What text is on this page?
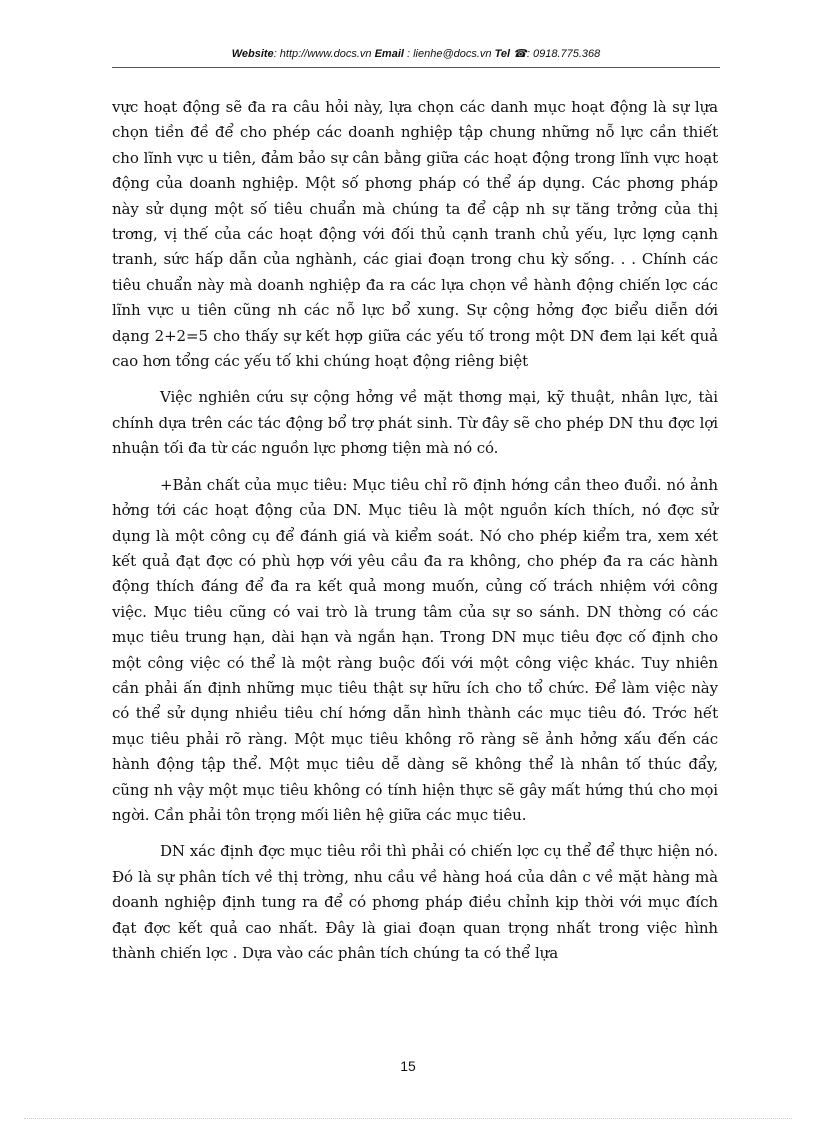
Website: http://www.docs.vn Email : lienhe@docs.vn Tel ☎: 0918.775.368

vực hoạt động sẽ đa ra câu hỏi này, lựa chọn các danh mục hoạt động là sự lựa chọn tiền đề để cho phép các doanh nghiệp tập chung những nỗ lực cần thiết cho lĩnh vực u tiên, đảm bảo sự cân bằng giữa các hoạt động trong lĩnh vực hoạt động của doanh nghiệp. Một số phơng pháp có thể áp dụng. Các phơng pháp này sử dụng một số tiêu chuẩn mà chúng ta để cập nh sự tăng trởng của thị trơng, vị thế của các hoạt động với đối thủ cạnh tranh chủ yếu, lực lợng cạnh tranh, sức hấp dẫn của nghành, các giai đoạn trong chu kỳ sống. . . Chính các tiêu chuẩn này mà doanh nghiệp đa ra các lựa chọn về hành động chiến lợc các lĩnh vực u tiên cũng nh các nỗ lực bổ xung. Sự cộng hởng đợc biểu diễn dới dạng 2+2=5 cho thấy sự kết hợp giữa các yếu tố trong một DN đem lại kết quả cao hơn tổng các yếu tố khi chúng hoạt động riêng biệt

Việc nghiên cứu sự cộng hởng về mặt thơng mại, kỹ thuật, nhân lực, tài chính dựa trên các tác động bổ trợ phát sinh. Từ đây sẽ cho phép DN thu đợc lợi nhuận tối đa từ các nguồn lực phơng tiện mà nó có.

+Bản chất của mục tiêu: Mục tiêu chỉ rõ định hớng cần theo đuổi. nó ảnh hởng tới các hoạt động của DN. Mục tiêu là một nguồn kích thích, nó đợc sử dụng là một công cụ để đánh giá và kiểm soát. Nó cho phép kiểm tra, xem xét kết quả đạt đợc có phù hợp với yêu cầu đa ra không, cho phép đa ra các hành động thích đáng để đa ra kết quả mong muốn, củng cố trách nhiệm với công việc. Mục tiêu cũng có vai trò là trung tâm của sự so sánh. DN thờng có các mục tiêu trung hạn, dài hạn và ngắn hạn. Trong DN mục tiêu đợc cố định cho một công việc có thể là một ràng buộc đối với một công việc khác. Tuy nhiên cần phải ấn định những mục tiêu thật sự hữu ích cho tổ chức. Để làm việc này có thể sử dụng nhiều tiêu chí hớng dẫn hình thành các mục tiêu đó. Trớc hết mục tiêu phải rõ ràng. Một mục tiêu không rõ ràng sẽ ảnh hởng xấu đến các hành động tập thể. Một mục tiêu dễ dàng sẽ không thể là nhân tố thúc đẩy, cũng nh vậy một mục tiêu không có tính hiện thực sẽ gây mất hứng thú cho mọi ngời. Cần phải tôn trọng mối liên hệ giữa các mục tiêu.

DN xác định đợc mục tiêu rồi thì phải có chiến lợc cụ thể để thực hiện nó. Đó là sự phân tích về thị trờng, nhu cầu về hàng hoá của dân c về mặt hàng mà doanh nghiệp định tung ra để có phơng pháp điều chỉnh kịp thời với mục đích đạt đợc kết quả cao nhất. Đây là giai đoạn quan trọng nhất trong việc hình thành chiến lợc . Dựa vào các phân tích chúng ta có thể lựa

15
